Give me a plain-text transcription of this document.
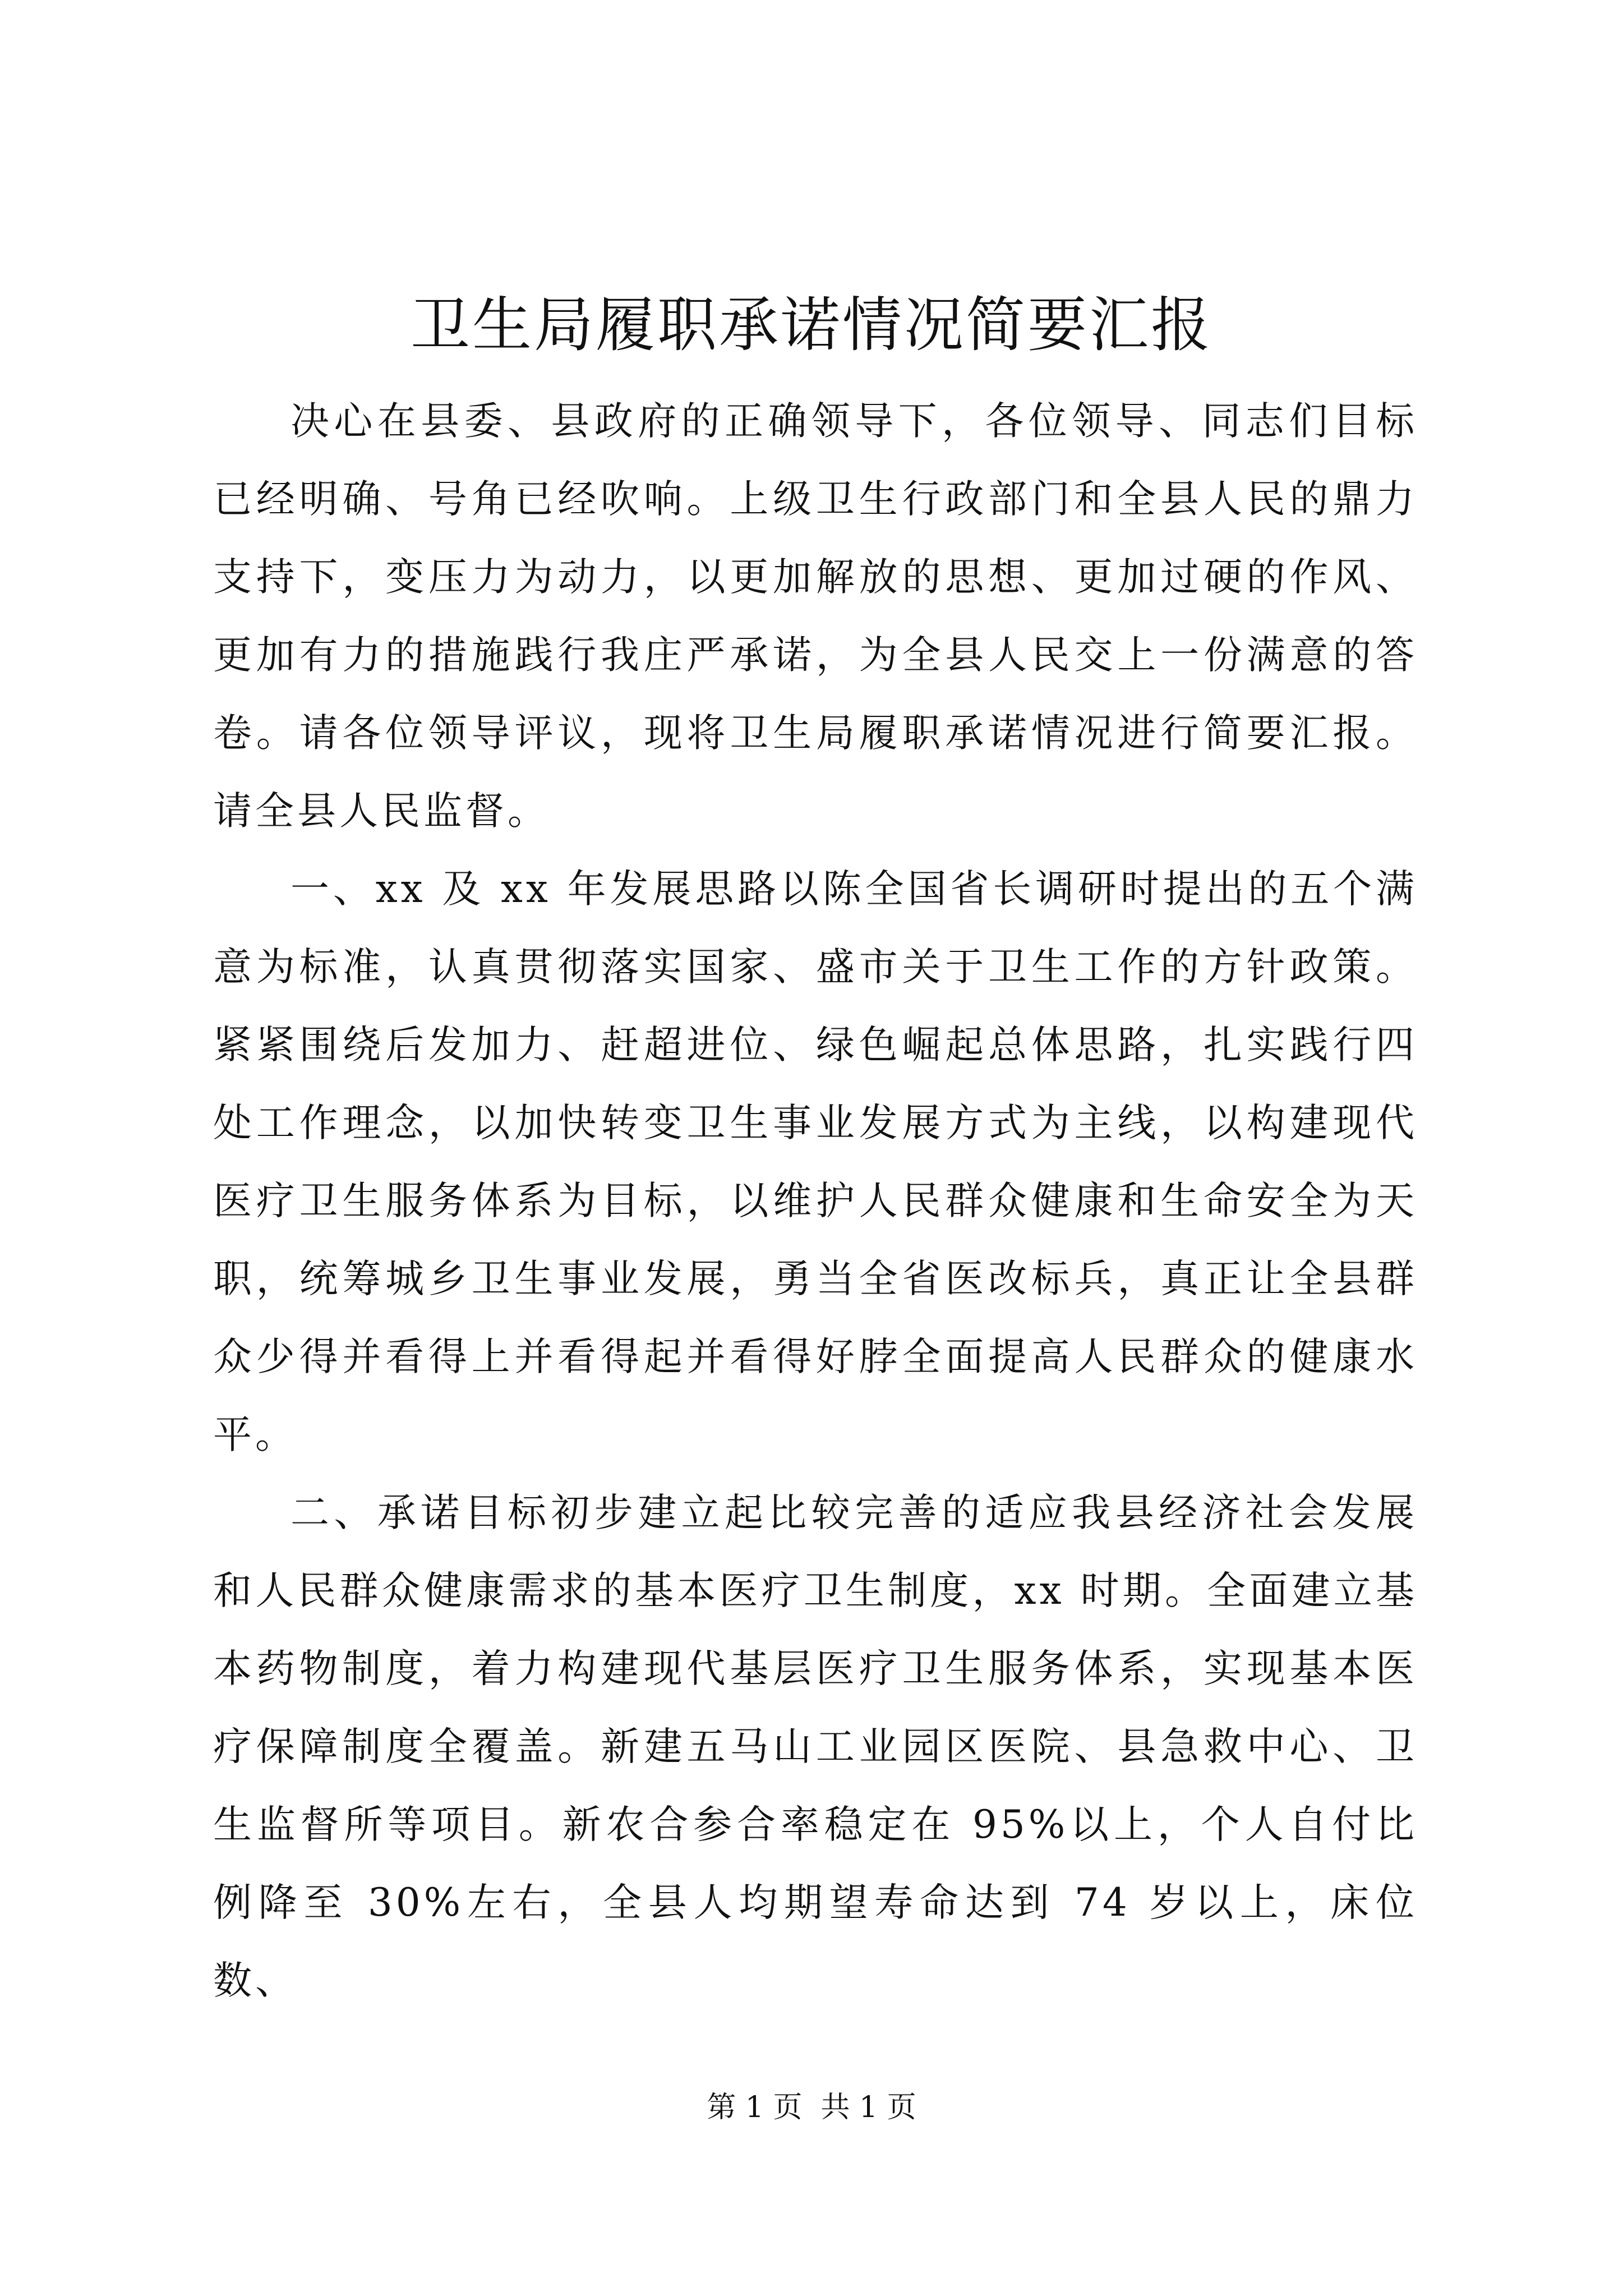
卫生局履职承诺情况简要汇报

决心在县委、县政府的正确领导下，各位领导、同志们目标已经明确、号角已经吹响。上级卫生行政部门和全县人民的鼎力支持下，变压力为动力，以更加解放的思想、更加过硬的作风、更加有力的措施践行我庄严承诺，为全县人民交上一份满意的答卷。请各位领导评议，现将卫生局履职承诺情况进行简要汇报。请全县人民监督。

一、xx 及 xx 年发展思路以陈全国省长调研时提出的五个满意为标准，认真贯彻落实国家、盛市关于卫生工作的方针政策。紧紧围绕后发加力、赶超进位、绿色崛起总体思路，扎实践行四处工作理念，以加快转变卫生事业发展方式为主线，以构建现代医疗卫生服务体系为目标，以维护人民群众健康和生命安全为天职，统筹城乡卫生事业发展，勇当全省医改标兵，真正让全县群众少得并看得上并看得起并看得好脖全面提高人民群众的健康水平。

二、承诺目标初步建立起比较完善的适应我县经济社会发展和人民群众健康需求的基本医疗卫生制度，xx 时期。全面建立基本药物制度，着力构建现代基层医疗卫生服务体系，实现基本医疗保障制度全覆盖。新建五马山工业园区医院、县急救中心、卫生监督所等项目。新农合参合率稳定在 95%以上，个人自付比例降至 30%左右，全县人均期望寿命达到 74 岁以上，床位数、

第 1 页  共 1 页
